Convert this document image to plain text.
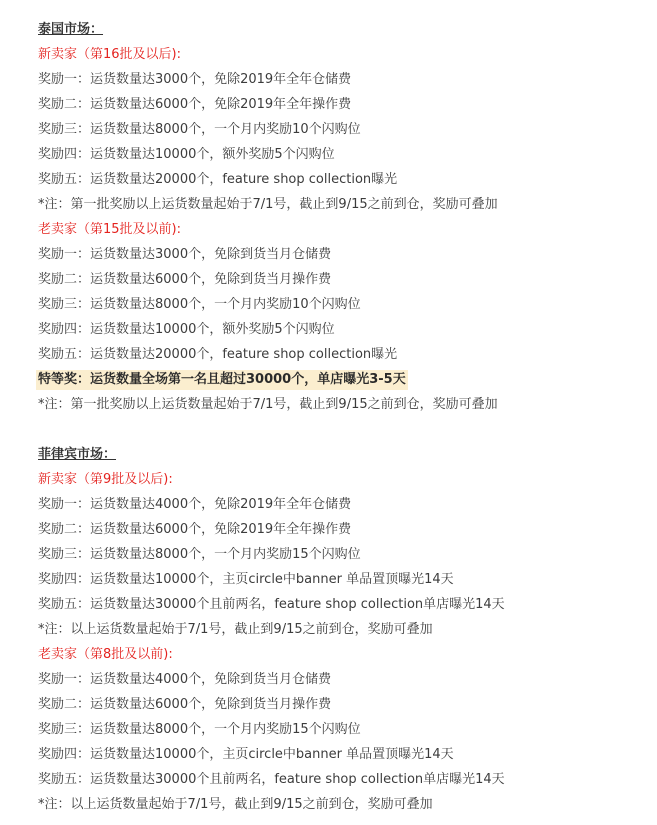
泰国市场：
新卖家（第16批及以后):
奖励一：运货数量达3000个，免除2019年全年仓储费
奖励二：运货数量达6000个，免除2019年全年操作费
奖励三：运货数量达8000个，一个月内奖励10个闪购位
奖励四：运货数量达10000个，额外奖励5个闪购位
奖励五：运货数量达20000个，feature shop collection曝光
*注：第一批奖励以上运货数量起始于7/1号，截止到9/15之前到仓，奖励可叠加
老卖家（第15批及以前):
奖励一：运货数量达3000个，免除到货当月仓储费
奖励二：运货数量达6000个，免除到货当月操作费
奖励三：运货数量达8000个，一个月内奖励10个闪购位
奖励四：运货数量达10000个，额外奖励5个闪购位
奖励五：运货数量达20000个，feature shop collection曝光
特等奖：运货数量全场第一名且超过30000个，单店曝光3-5天
*注：第一批奖励以上运货数量起始于7/1号，截止到9/15之前到仓，奖励可叠加
菲律宾市场：
新卖家（第9批及以后):
奖励一：运货数量达4000个，免除2019年全年仓储费
奖励二：运货数量达6000个，免除2019年全年操作费
奖励三：运货数量达8000个，一个月内奖励15个闪购位
奖励四：运货数量达10000个，主页circle中banner 单品置顶曝光14天
奖励五：运货数量达30000个且前两名，feature shop collection单店曝光14天
*注：以上运货数量起始于7/1号，截止到9/15之前到仓，奖励可叠加
老卖家（第8批及以前):
奖励一：运货数量达4000个，免除到货当月仓储费
奖励二：运货数量达6000个，免除到货当月操作费
奖励三：运货数量达8000个，一个月内奖励15个闪购位
奖励四：运货数量达10000个，主页circle中banner 单品置顶曝光14天
奖励五：运货数量达30000个且前两名，feature shop collection单店曝光14天
*注：以上运货数量起始于7/1号，截止到9/15之前到仓，奖励可叠加
